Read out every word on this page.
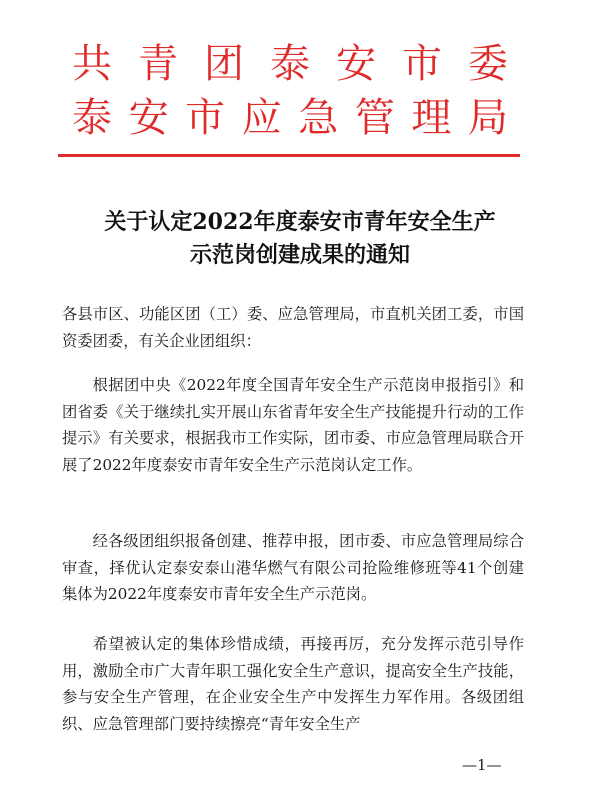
共 青 团 泰 安 市 委
泰 安 市 应 急 管 理 局
关于认定2022年度泰安市青年安全生产
示范岗创建成果的通知
各县市区、功能区团（工）委、应急管理局，市直机关团工委，市国资委团委，有关企业团组织：
根据团中央《2022年度全国青年安全生产示范岗申报指引》和团省委《关于继续扎实开展山东省青年安全生产技能提升行动的工作提示》有关要求，根据我市工作实际，团市委、市应急管理局联合开展了2022年度泰安市青年安全生产示范岗认定工作。
经各级团组织报备创建、推荐申报，团市委、市应急管理局综合审查，择优认定泰安泰山港华燃气有限公司抢险维修班等41个创建集体为2022年度泰安市青年安全生产示范岗。
希望被认定的集体珍惜成绩，再接再厉，充分发挥示范引导作用，激励全市广大青年职工强化安全生产意识，提高安全生产技能，参与安全生产管理，在企业安全生产中发挥生力军作用。各级团组织、应急管理部门要持续擦亮“青年安全生产
—1—
